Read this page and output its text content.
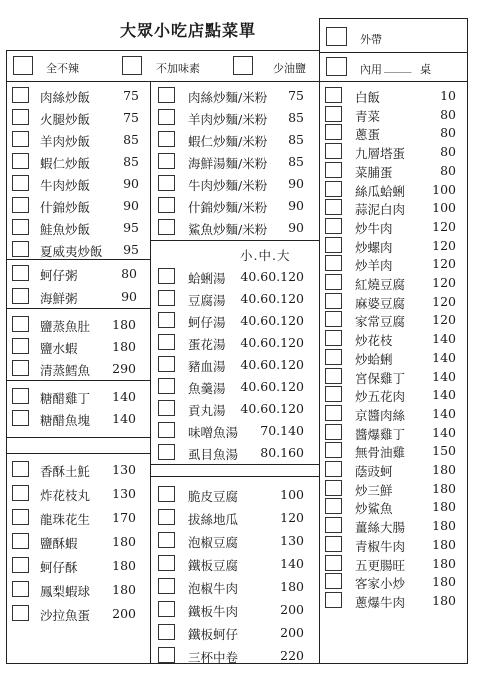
大眾小吃店點菜單
全不辣	不加味素	少油鹽
外帶
內用 _____ 桌
小.中.大
肉絲炒飯	75
火腿炒飯	75
羊肉炒飯	85
蝦仁炒飯	85
牛肉炒飯	90
什錦炒飯	90
鮭魚炒飯	95
夏威夷炒飯	95
蚵仔粥	80
海鮮粥	90
鹽蒸魚肚	180
鹽水蝦	180
清蒸鱈魚	290
糖醋雞丁	140
糖醋魚塊	140
香酥土魠	130
炸花枝丸	130
龍珠花生	170
鹽酥蝦	180
蚵仔酥	180
鳳梨蝦球	180
沙拉魚蛋	200
肉絲炒麵/米粉	75
羊肉炒麵/米粉	85
蝦仁炒麵/米粉	85
海鮮湯麵/米粉	85
牛肉炒麵/米粉	90
什錦炒麵/米粉	90
鯊魚炒麵/米粉	90
蛤蜊湯	40.60.120
豆腐湯	40.60.120
蚵仔湯	40.60.120
蛋花湯	40.60.120
豬血湯	40.60.120
魚羹湯	40.60.120
貢丸湯	40.60.120
味噌魚湯	70.140
虱目魚湯	80.160
脆皮豆腐	100
拔絲地瓜	120
泡椒豆腐	130
鐵板豆腐	140
泡椒牛肉	180
鐵板牛肉	200
鐵板蚵仔	200
三杯中卷	220
白飯	10
青菜	80
蔥蛋	80
九層塔蛋	80
菜脯蛋	80
絲瓜蛤蜊	100
蒜泥白肉	100
炒牛肉	120
炒螺肉	120
炒羊肉	120
紅燒豆腐	120
麻婆豆腐	120
家常豆腐	120
炒花枝	140
炒蛤蜊	140
宮保雞丁	140
炒五花肉	140
京醬肉絲	140
醬爆雞丁	140
無骨油雞	150
蔭豉蚵	180
炒三鮮	180
炒鯊魚	180
薑絲大腸	180
青椒牛肉	180
五更腸旺	180
客家小炒	180
蔥爆牛肉	180
